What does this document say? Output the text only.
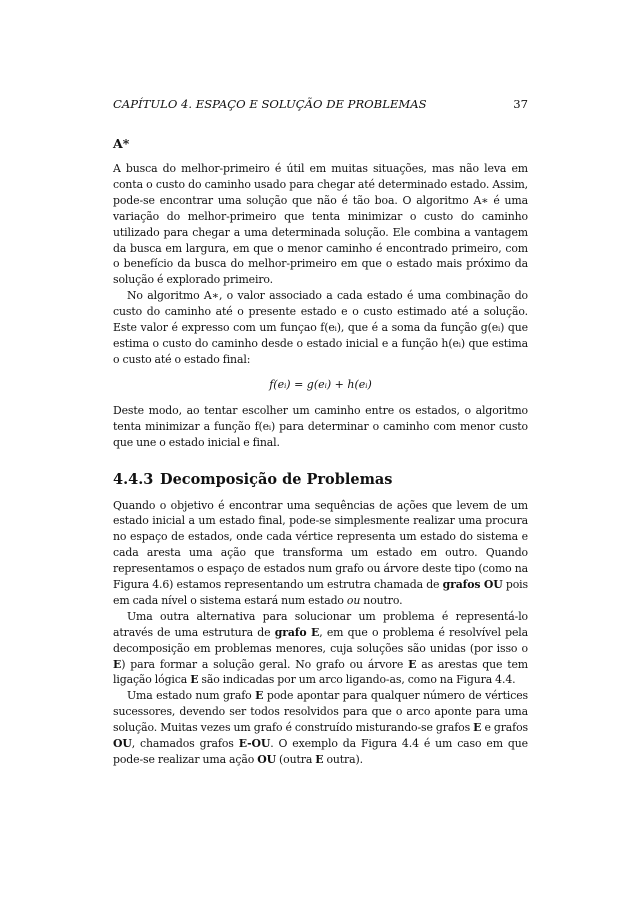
CAPÍTULO 4. ESPAÇO E SOLUÇÃO DE PROBLEMAS	37
A*

A busca do melhor-primeiro é útil em muitas situações, mas não leva em conta o custo do caminho usado para chegar até determinado estado. Assim, pode-se encontrar uma solução que não é tão boa. O algoritmo A∗ é uma variação do melhor-primeiro que tenta minimizar o custo do caminho utilizado para chegar a uma determinada solução. Ele combina a vantagem da busca em largura, em que o menor caminho é encontrado primeiro, com o benefício da busca do melhor-primeiro em que o estado mais próximo da solução é explorado primeiro.

No algoritmo A∗, o valor associado a cada estado é uma combinação do custo do caminho até o presente estado e o custo estimado até a solução. Este valor é expresso com um funçao f(eᵢ), que é a soma da função g(eᵢ) que estima o custo do caminho desde o estado inicial e a função h(eᵢ) que estima o custo até o estado final:

f(eᵢ) = g(eᵢ) + h(eᵢ)

Deste modo, ao tentar escolher um caminho entre os estados, o algoritmo tenta minimizar a função f(eᵢ) para determinar o caminho com menor custo que une o estado inicial e final.

4.4.3 Decomposição de Problemas

Quando o objetivo é encontrar uma sequências de ações que levem de um estado inicial a um estado final, pode-se simplesmente realizar uma procura no espaço de estados, onde cada vértice representa um estado do sistema e cada aresta uma ação que transforma um estado em outro. Quando representamos o espaço de estados num grafo ou árvore deste tipo (como na Figura 4.6) estamos representando um estrutra chamada de grafos OU pois em cada nível o sistema estará num estado ou noutro.

Uma outra alternativa para solucionar um problema é representá-lo através de uma estrutura de grafo E, em que o problema é resolvível pela decomposição em problemas menores, cuja soluções são unidas (por isso o E) para formar a solução geral. No grafo ou árvore E as arestas que tem ligação lógica E são indicadas por um arco ligando-as, como na Figura 4.4.

Uma estado num grafo E pode apontar para qualquer número de vértices sucessores, devendo ser todos resolvidos para que o arco aponte para uma solução. Muitas vezes um grafo é construído misturando-se grafos E e grafos OU, chamados grafos E-OU. O exemplo da Figura 4.4 é um caso em que pode-se realizar uma ação OU (outra E outra).
